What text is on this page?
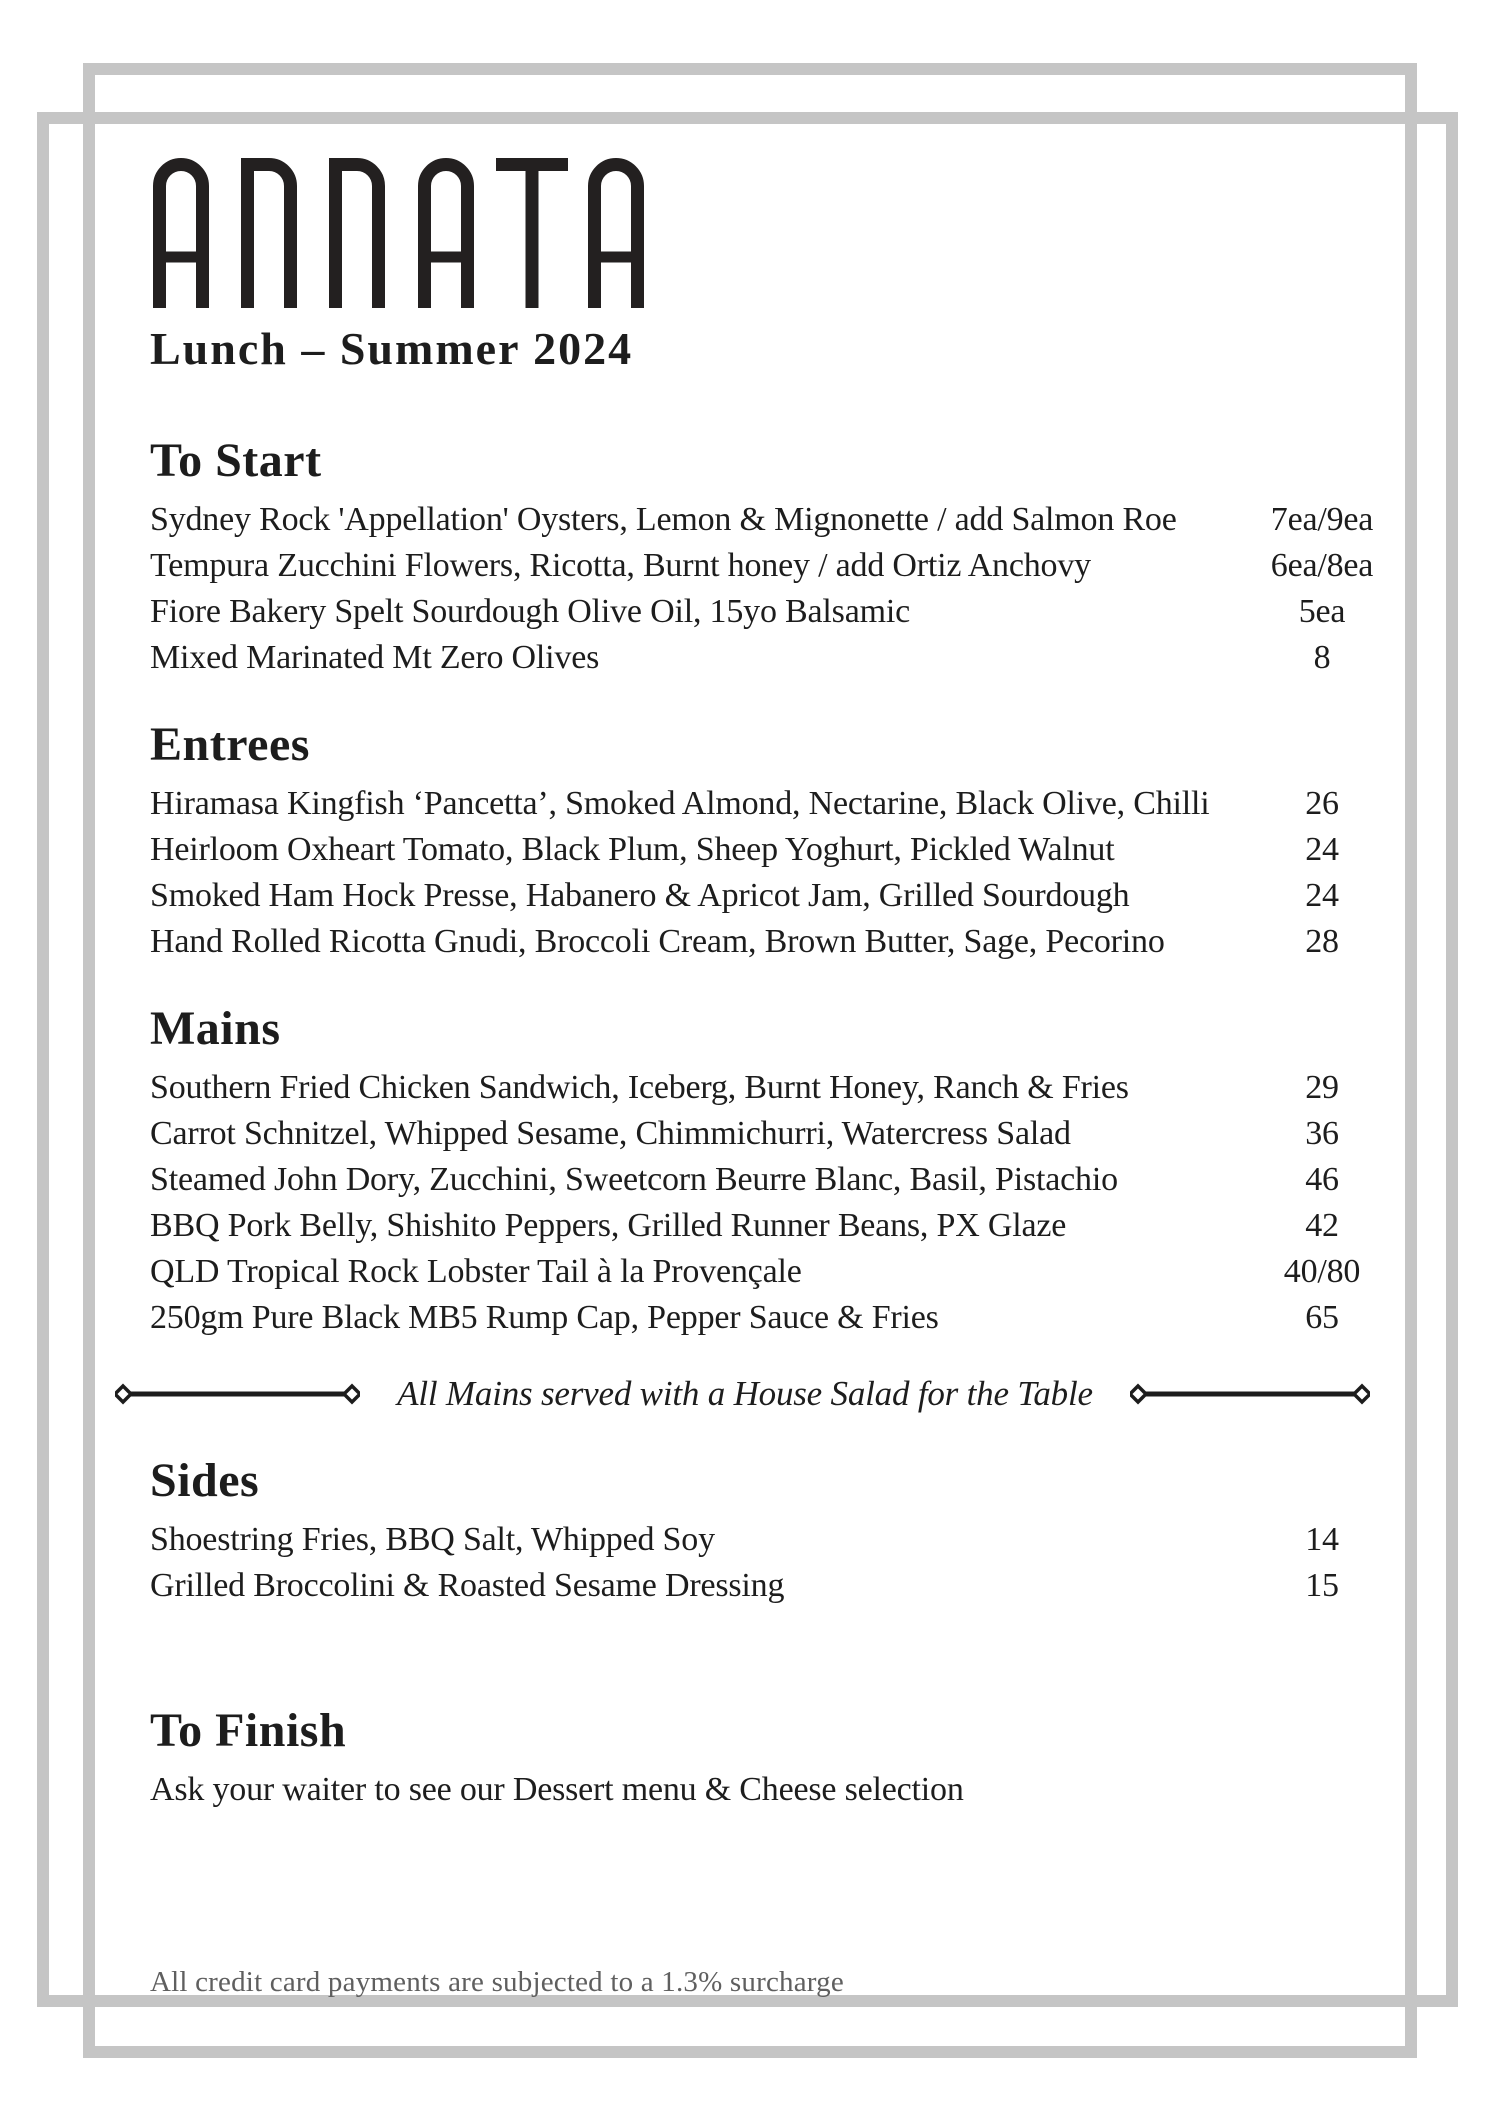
Lunch – Summer 2024
To Start
Sydney Rock 'Appellation' Oysters, Lemon & Mignonette / add Salmon Roe	7ea/9ea
Tempura Zucchini Flowers, Ricotta, Burnt honey / add Ortiz Anchovy	6ea/8ea
Fiore Bakery Spelt Sourdough Olive Oil, 15yo Balsamic	5ea
Mixed Marinated Mt Zero Olives	8
Entrees
Hiramasa Kingfish ‘Pancetta’, Smoked Almond, Nectarine, Black Olive, Chilli	26
Heirloom Oxheart Tomato, Black Plum, Sheep Yoghurt, Pickled Walnut	24
Smoked Ham Hock Presse, Habanero & Apricot Jam, Grilled Sourdough	24
Hand Rolled Ricotta Gnudi, Broccoli Cream, Brown Butter, Sage, Pecorino	28
Mains
Southern Fried Chicken Sandwich, Iceberg, Burnt Honey, Ranch & Fries	29
Carrot Schnitzel, Whipped Sesame, Chimmichurri, Watercress Salad	36
Steamed John Dory, Zucchini, Sweetcorn Beurre Blanc, Basil, Pistachio	46
BBQ Pork Belly, Shishito Peppers, Grilled Runner Beans, PX Glaze	42
QLD Tropical Rock Lobster Tail à la Provençale	40/80
250gm Pure Black MB5 Rump Cap, Pepper Sauce & Fries	65
All Mains served with a House Salad for the Table
Sides
Shoestring Fries, BBQ Salt, Whipped Soy	14
Grilled Broccolini & Roasted Sesame Dressing	15
To Finish

Ask your waiter to see our Dessert menu & Cheese selection

All credit card payments are subjected to a 1.3% surcharge
